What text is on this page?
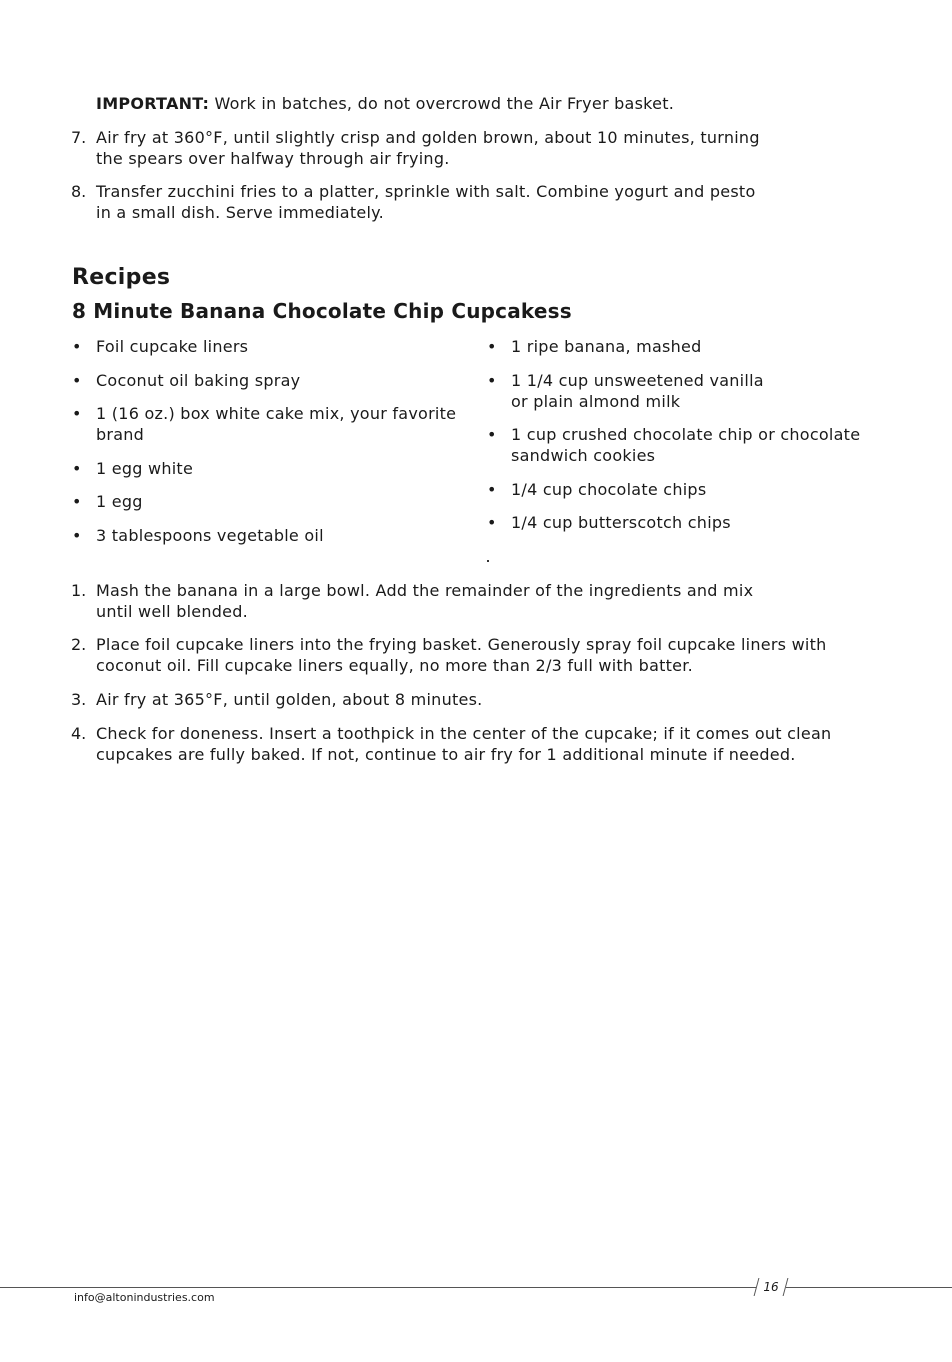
IMPORTANT: Work in batches, do not overcrowd the Air Fryer basket.
7. Air fry at 360°F, until slightly crisp and golden brown, about 10 minutes, turning
the spears over halfway through air frying.
8. Transfer zucchini fries to a platter, sprinkle with salt. Combine yogurt and pesto
in a small dish. Serve immediately.
Recipes
8 Minute Banana Chocolate Chip Cupcakess
• Foil cupcake liners
• Coconut oil baking spray
• 1 (16 oz.) box white cake mix, your favorite
brand
• 1 egg white
• 1 egg
• 3 tablespoons vegetable oil
• 1 ripe banana, mashed
• 1 1/4 cup unsweetened vanilla
or plain almond milk
• 1 cup crushed chocolate chip or chocolate
sandwich cookies
• 1/4 cup chocolate chips
• 1/4 cup butterscotch chips
1. Mash the banana in a large bowl. Add the remainder of the ingredients and mix
until well blended.
2. Place foil cupcake liners into the frying basket. Generously spray foil cupcake liners with
coconut oil. Fill cupcake liners equally, no more than 2/3 full with batter.
3. Air fry at 365°F, until golden, about 8 minutes.
4. Check for doneness. Insert a toothpick in the center of the cupcake; if it comes out clean
cupcakes are fully baked. If not, continue to air fry for 1 additional minute if needed.
16
info@altonindustries.com
